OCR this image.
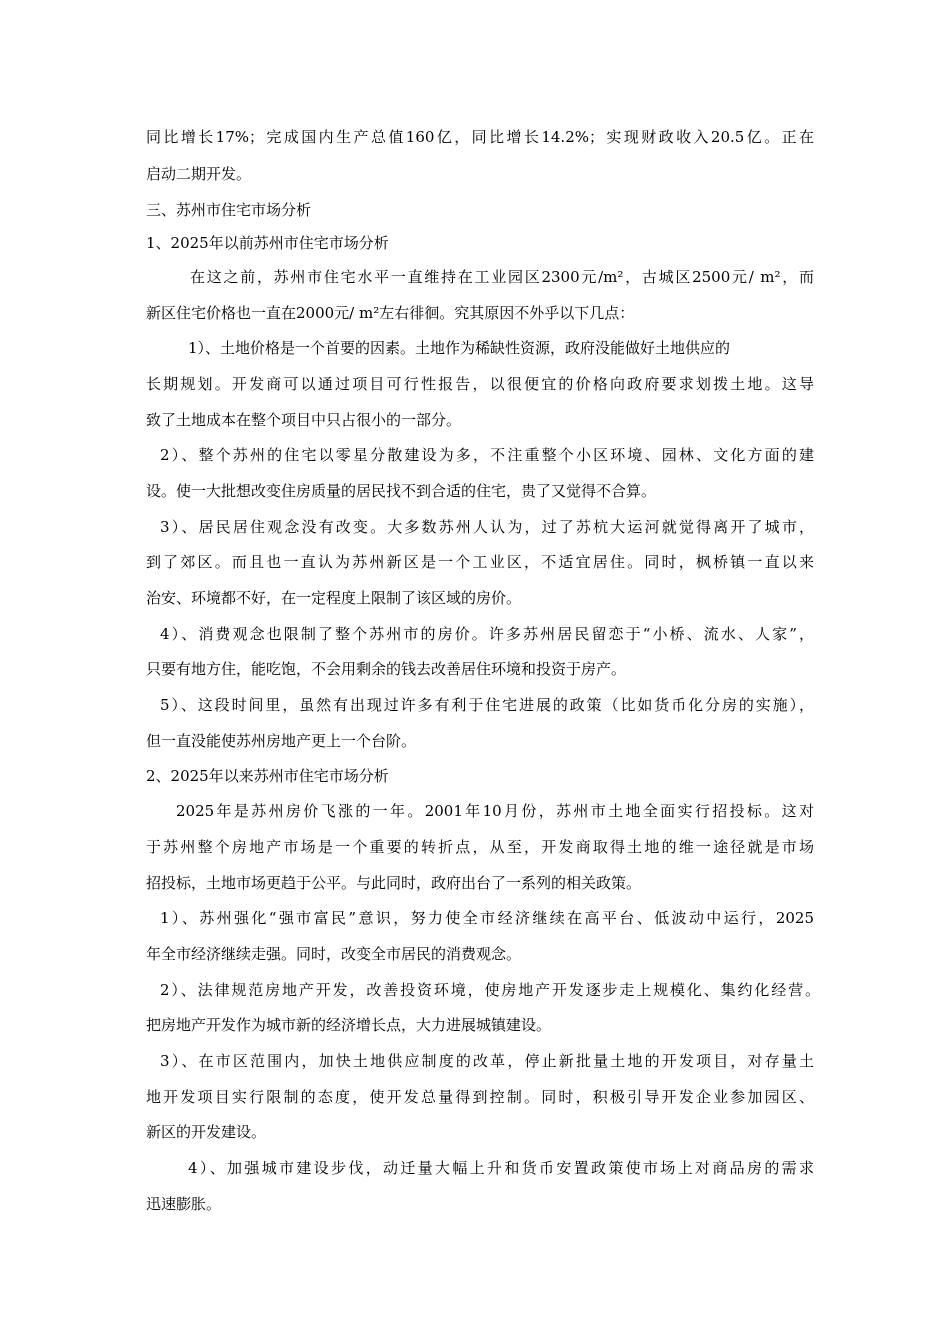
同比增长17%；完成国内生产总值160亿，同比增长14.2%；实现财政收入20.5亿。正在
启动二期开发。
三、苏州市住宅市场分析
1、2025年以前苏州市住宅市场分析
在这之前，苏州市住宅水平一直维持在工业园区2300元/m²，古城区2500元/ m²，而
新区住宅价格也一直在2000元/ m²左右徘徊。究其原因不外乎以下几点：
1）、土地价格是一个首要的因素。土地作为稀缺性资源，政府没能做好土地供应的
长期规划。开发商可以通过项目可行性报告，以很便宜的价格向政府要求划拨土地。这导
致了土地成本在整个项目中只占很小的一部分。
2）、整个苏州的住宅以零星分散建设为多，不注重整个小区环境、园林、文化方面的建
设。使一大批想改变住房质量的居民找不到合适的住宅，贵了又觉得不合算。
3）、居民居住观念没有改变。大多数苏州人认为，过了苏杭大运河就觉得离开了城市，
到了郊区。而且也一直认为苏州新区是一个工业区，不适宜居住。同时，枫桥镇一直以来
治安、环境都不好，在一定程度上限制了该区域的房价。
4）、消费观念也限制了整个苏州市的房价。许多苏州居民留恋于“小桥、流水、人家”，
只要有地方住，能吃饱，不会用剩余的钱去改善居住环境和投资于房产。
5）、这段时间里，虽然有出现过许多有利于住宅进展的政策（比如货币化分房的实施），
但一直没能使苏州房地产更上一个台阶。
2、2025年以来苏州市住宅市场分析
2025年是苏州房价飞涨的一年。2001年10月份，苏州市土地全面实行招投标。这对
于苏州整个房地产市场是一个重要的转折点，从至，开发商取得土地的维一途径就是市场
招投标，土地市场更趋于公平。与此同时，政府出台了一系列的相关政策。
1）、苏州强化“强市富民”意识，努力使全市经济继续在高平台、低波动中运行，2025
年全市经济继续走强。同时，改变全市居民的消费观念。
2）、法律规范房地产开发，改善投资环境，使房地产开发逐步走上规模化、集约化经营。
把房地产开发作为城市新的经济增长点，大力进展城镇建设。
3）、在市区范围内，加快土地供应制度的改革，停止新批量土地的开发项目，对存量土
地开发项目实行限制的态度，使开发总量得到控制。同时，积极引导开发企业参加园区、
新区的开发建设。
4）、加强城市建设步伐，动迁量大幅上升和货币安置政策使市场上对商品房的需求
迅速膨胀。
